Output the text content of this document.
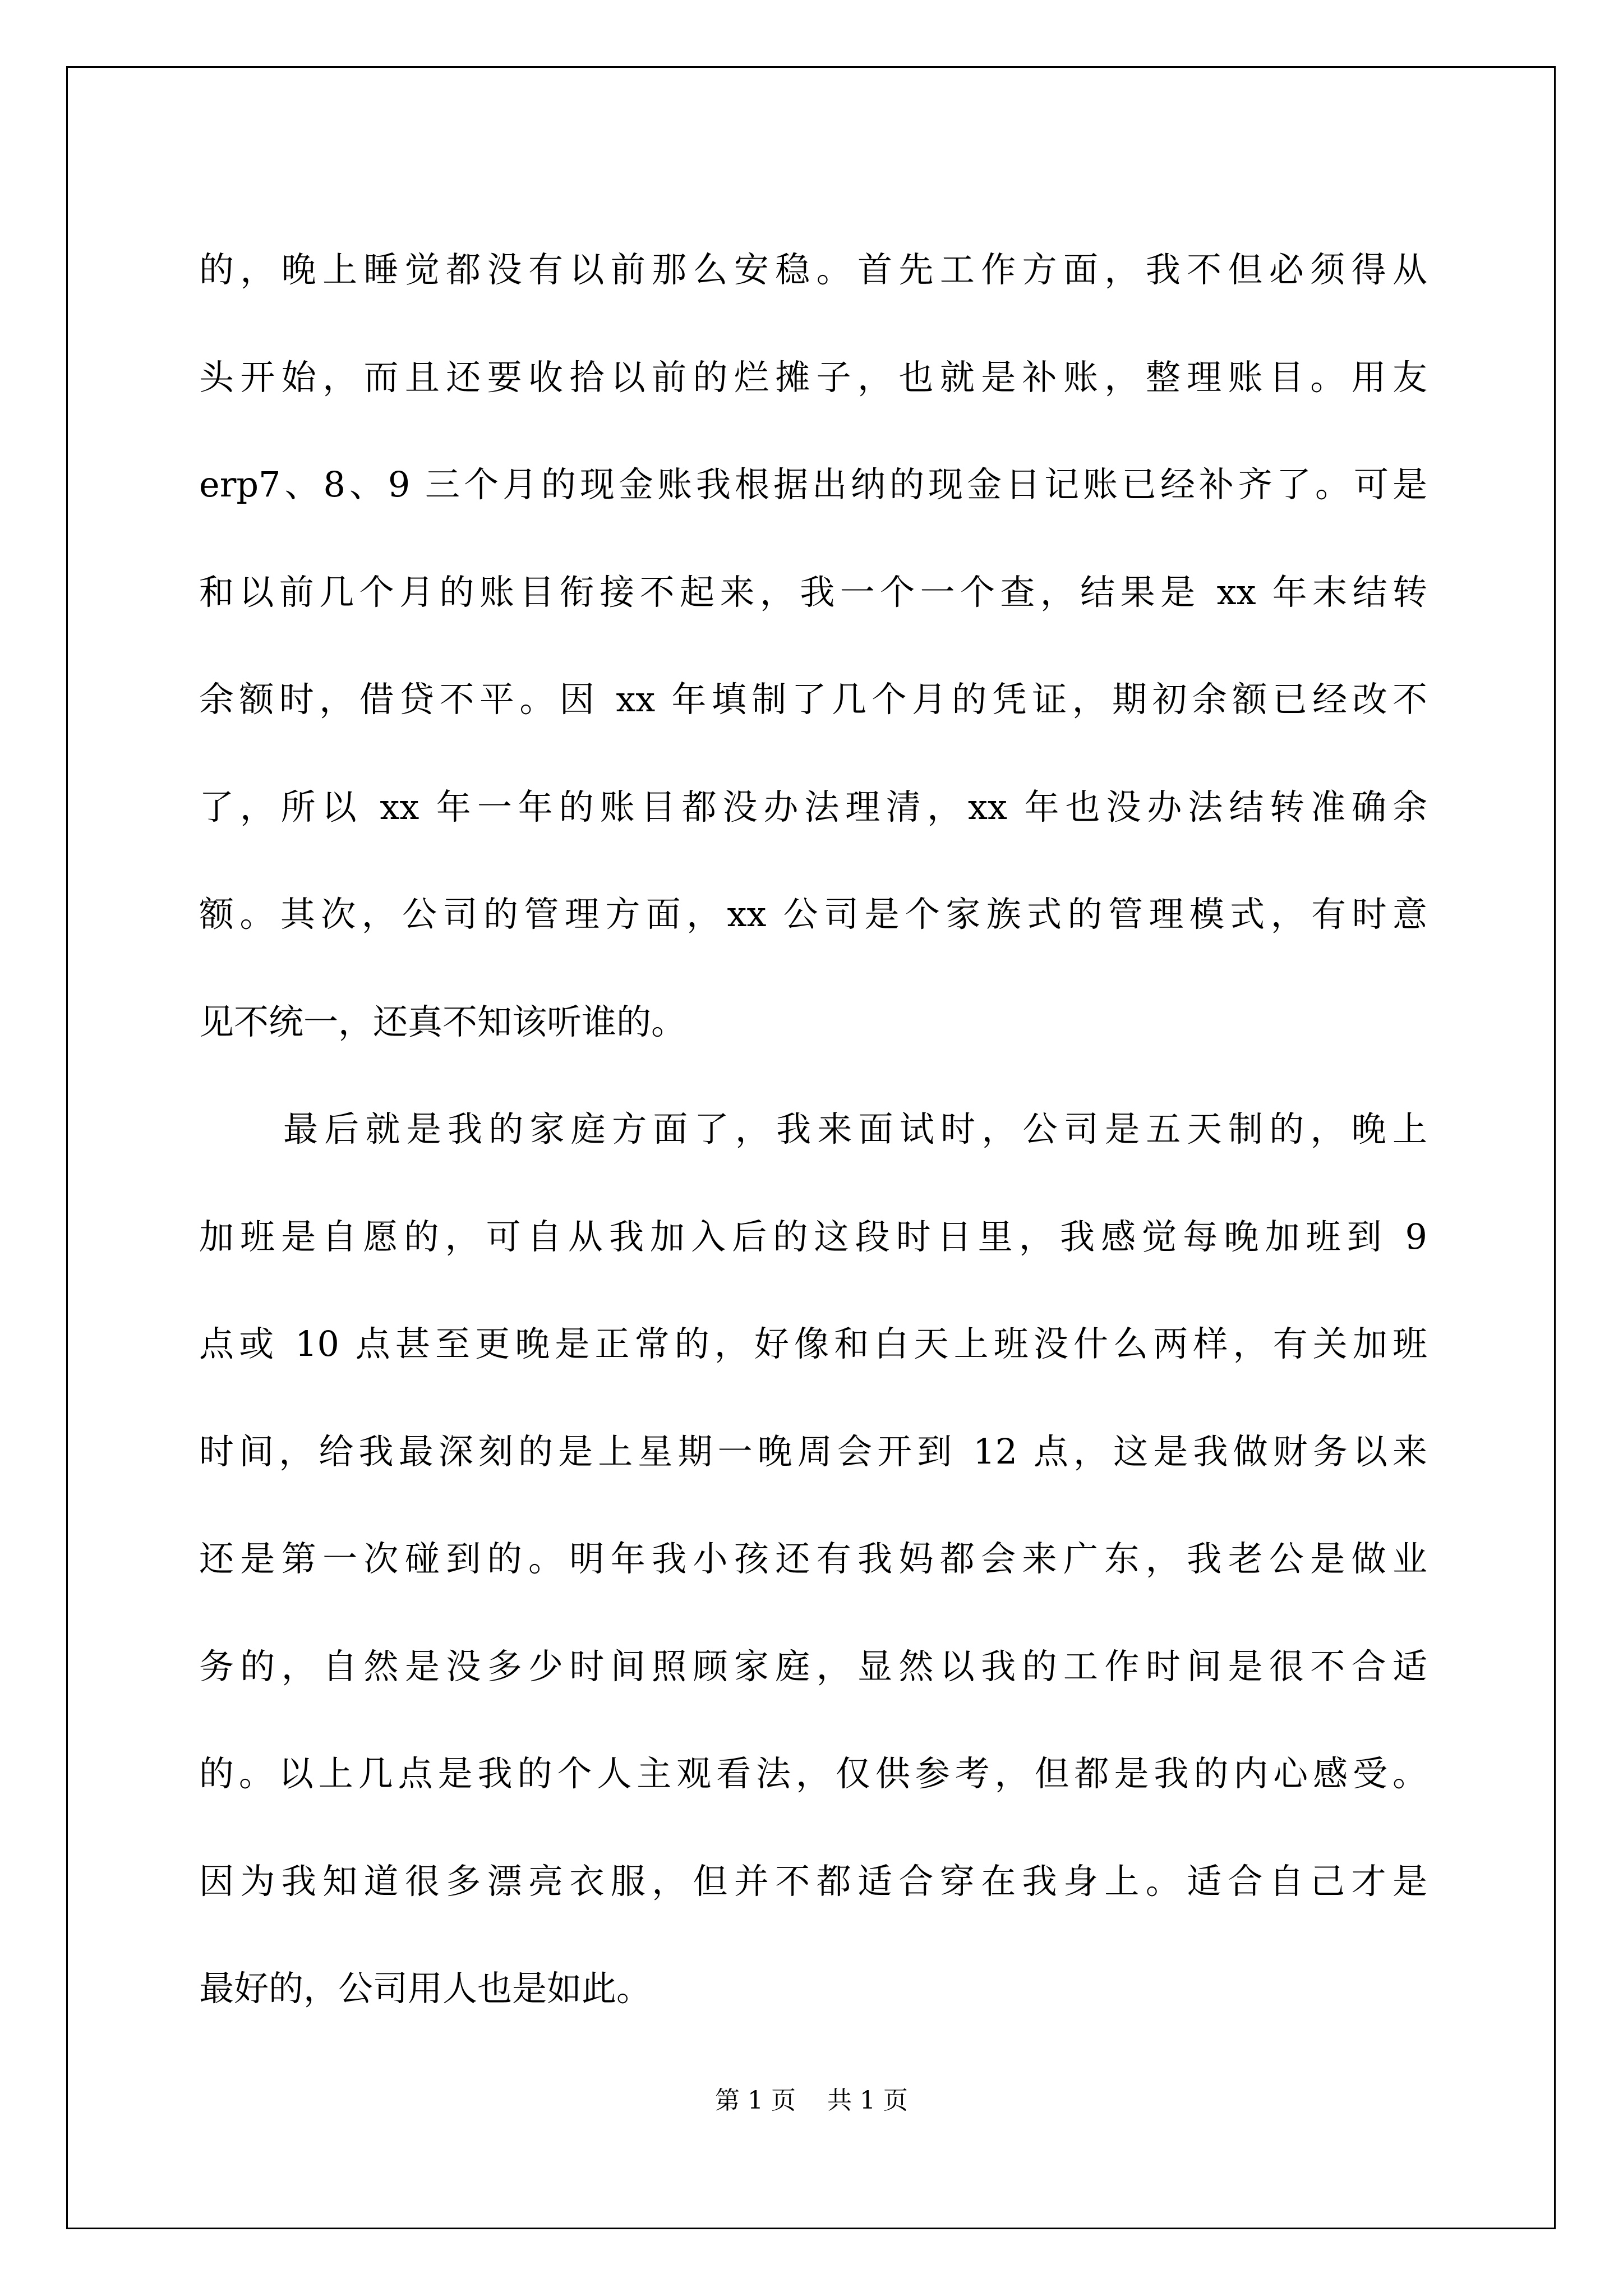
的，晚上睡觉都没有以前那么安稳。首先工作方面，我不但必须得从
头开始，而且还要收拾以前的烂摊子，也就是补账，整理账目。用友
erp7、8、9 三个月的现金账我根据出纳的现金日记账已经补齐了。可是
和以前几个月的账目衔接不起来，我一个一个查，结果是 xx 年末结转
余额时，借贷不平。因 xx 年填制了几个月的凭证，期初余额已经改不
了，所以 xx 年一年的账目都没办法理清，xx 年也没办法结转准确余
额。其次，公司的管理方面，xx 公司是个家族式的管理模式，有时意
见不统一，还真不知该听谁的。
最后就是我的家庭方面了，我来面试时，公司是五天制的，晚上
加班是自愿的，可自从我加入后的这段时日里，我感觉每晚加班到 9
点或 10 点甚至更晚是正常的，好像和白天上班没什么两样，有关加班
时间，给我最深刻的是上星期一晚周会开到 12 点，这是我做财务以来
还是第一次碰到的。明年我小孩还有我妈都会来广东，我老公是做业
务的，自然是没多少时间照顾家庭，显然以我的工作时间是很不合适
的。以上几点是我的个人主观看法，仅供参考，但都是我的内心感受。
因为我知道很多漂亮衣服，但并不都适合穿在我身上。适合自己才是
最好的，公司用人也是如此。
第 1 页    共 1 页
